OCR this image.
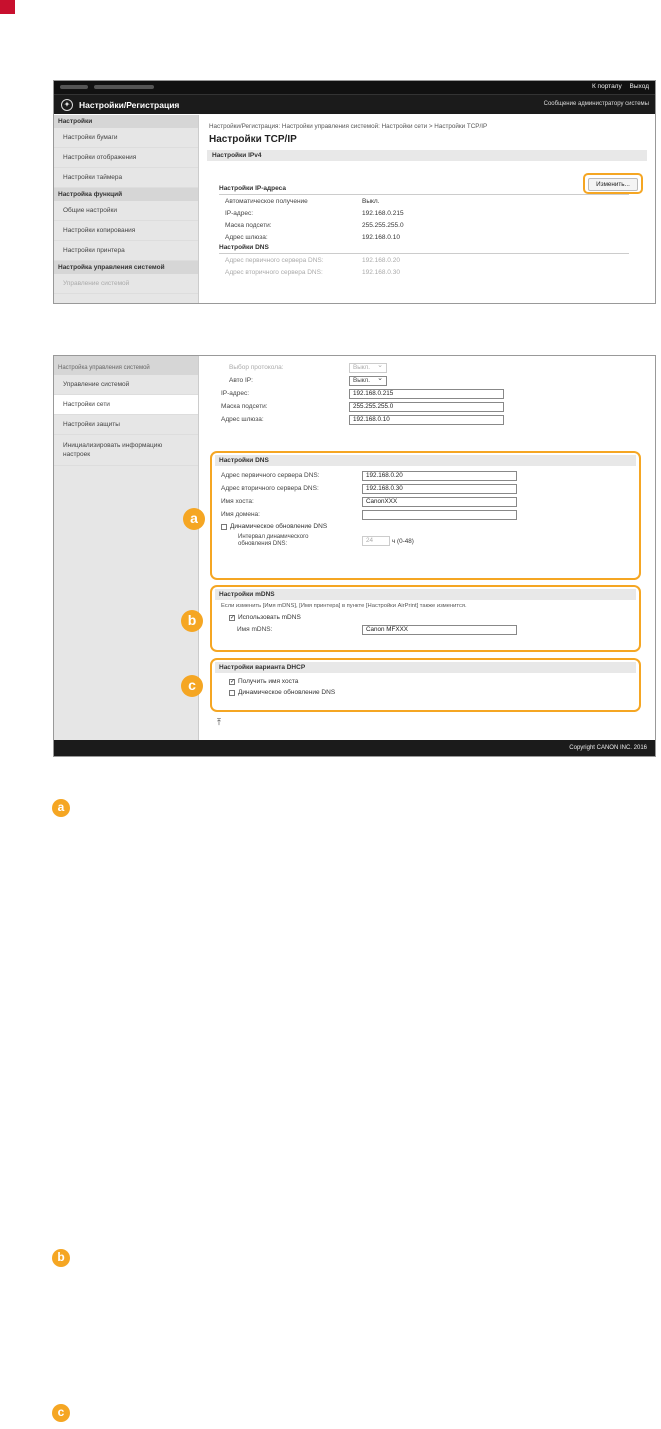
К порталу Выход
✦	Настройки/Регистрация	Сообщение администратору системы
Настройки
Настройки бумаги
Настройки отображения
Настройки таймера
Настройка функций
Общие настройки
Настройки копирования
Настройки принтера
Настройка управления системой
Управление системой
Настройки/Регистрация: Настройки управления системой: Настройки сети > Настройки TCP/IP
Настройки TCP/IP
Настройки IPv4
Настройки IP-адреса
Автоматическое получение	Выкл.
IP-адрес:	192.168.0.215
Маска подсети:	255.255.255.0
Адрес шлюза:	192.168.0.10
Настройки DNS
Адрес первичного сервера DNS:	192.168.0.20
Адрес вторичного сервера DNS:	192.168.0.30
Изменить...
Настройка управления системой
Управление системой
Настройки сети
Настройки защиты
Инициализировать информацию настроек
Выбор протокола:	Выкл. ⌄
Авто IP:	Выкл. ⌄
IP-адрес:	192.168.0.215
Маска подсети:	255.255.255.0
Адрес шлюза:	192.168.0.10
Настройки DNS
Адрес первичного сервера DNS:	192.168.0.20
Адрес вторичного сервера DNS:	192.168.0.30
Имя хоста:	CanonXXX
Имя домена:
Динамическое обновление DNS
Интервал динамического
обновления DNS:	24	ч (0-48)
Настройки mDNS
Если изменить [Имя mDNS], [Имя принтера] в пункте [Настройки AirPrint] также изменится.
✓ Использовать mDNS
Имя mDNS:	Canon MFXXX
Настройки варианта DHCP
✓ Получить имя хоста
Динамическое обновление DNS
⤒
Copyright CANON INC. 2016
a
b
c
a
b
c
